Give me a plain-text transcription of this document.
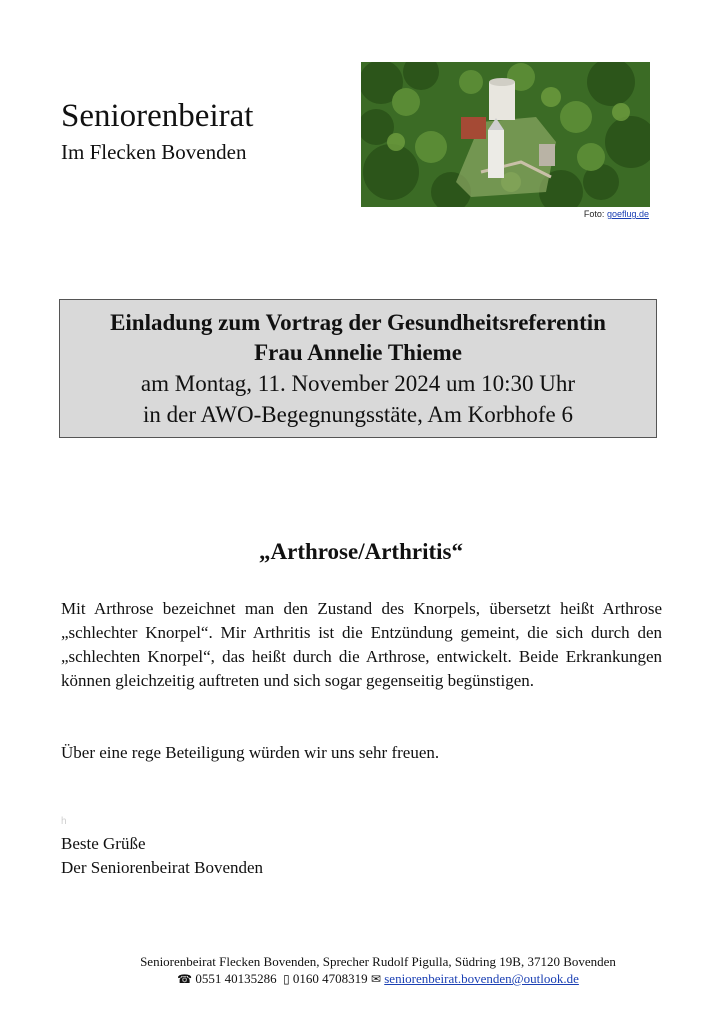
Seniorenbeirat
Im Flecken Bovenden
Foto: goeflug.de
Einladung zum Vortrag der Gesundheitsreferentin
Frau Annelie Thieme
am Montag, 11. November 2024 um 10:30 Uhr
in der AWO-Begegnungsstäte, Am Korbhofe 6
„Arthrose/Arthritis“
Mit Arthrose bezeichnet man den Zustand des Knorpels, übersetzt heißt Arthrose „schlechter Knorpel“. Mir Arthritis ist die Entzündung gemeint, die sich durch den „schlechten Knorpel“, das heißt durch die Arthrose, entwickelt. Beide Erkrankungen können gleichzeitig auftreten und sich sogar gegenseitig begünstigen.
Über eine rege Beteiligung würden wir uns sehr freuen.
h
Beste Grüße
Der Seniorenbeirat Bovenden
Seniorenbeirat Flecken Bovenden, Sprecher Rudolf Pigulla, Südring 19B, 37120 Bovenden
☎ 0551 40135286 ▯ 0160 4708319 ✉ seniorenbeirat.bovenden@outlook.de
